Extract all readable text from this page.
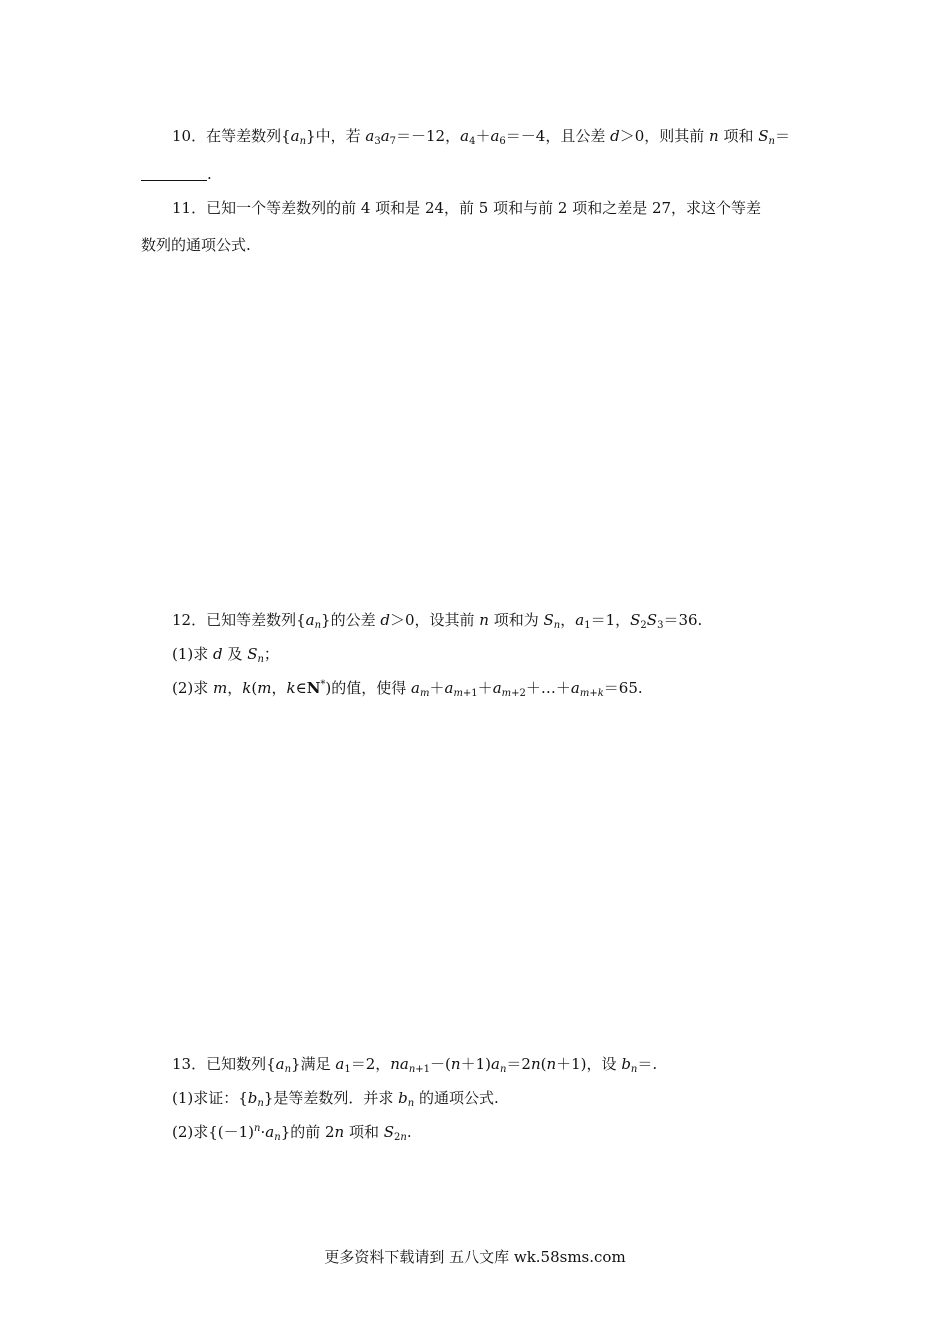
10．在等差数列$\{a_n\}$中，若 $a_3a_7=-12$，$a_4+a_6=-4$，且公差 d＞0，则其前 n 项和 $S_n=$
.
11．已知一个等差数列的前 4 项和是 24，前 5 项和与前 2 项和之差是 27，求这个等差
数列的通项公式.
12．已知等差数列$\{a_n\}$的公差 d＞0，设其前 n 项和为 $S_n$，$a_1=1$，$S_2S_3=36$.
(1)求 d 及 $S_n$；
(2)求 m，k(m，k∈N*)的值，使得 $a_m+a_{m+1}+a_{m+2}+\dots+a_{m+k}=65$.
13．已知数列$\{a_n\}$满足 $a_1=2$，$na_{n+1}-(n+1)a_n=2n(n+1)$，设 $b_n=$.
(1)求证：$\{b_n\}$是等差数列．并求 $b_n$ 的通项公式.
(2)求$\{(-1)^n\cdot a_n\}$的前 2n 项和 $S_{2n}$.
更多资料下载请到 五八文库 wk.58sms.com
